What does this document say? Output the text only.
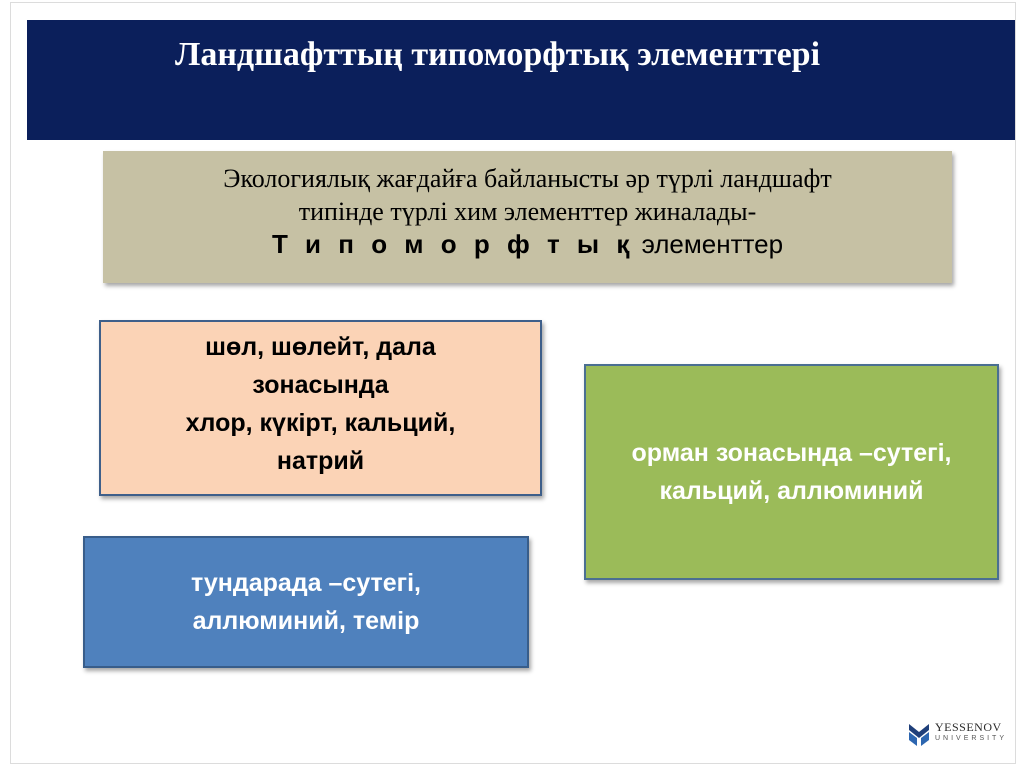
Ландшафттың типоморфтық элементтері
Экологиялық жағдайға байланысты әр түрлі ландшафт
типінде түрлі хим элементтер жиналады-
Т и п о м о р ф т ы қ элементтер
шөл, шөлейт, дала
зонасында
хлор, күкірт, кальций,
натрий	орман зонасында –сутегі,
кальций, аллюминий
тундарада –сутегі,
аллюминий, темір
YESSENOV
UNIVERSITY
